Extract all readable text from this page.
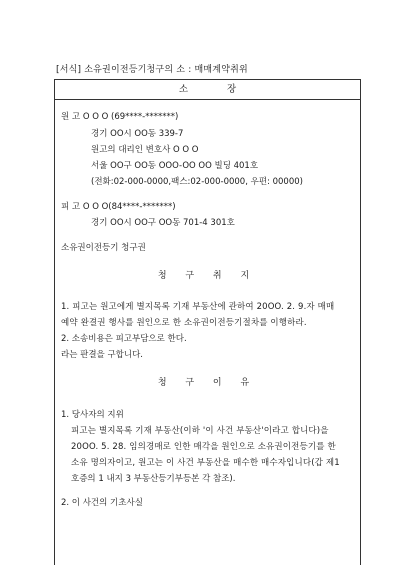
[서식] 소유권이전등기청구의 소 : 매매계약취위
소 장
원 고 O O O (69****-*******)
경기 OO시 OO동 339-7
원고의 대리인 변호사 O O O
서울 OO구 OO동 OOO-OO OO 빌딩 401호
(전화:02-000-0000,팩스:02-000-0000, 우편: 00000)
피 고 O O O(84****-*******)
경기 OO시 OO구 OO동 701-4 301호
소유권이전등기 청구권
청 구 취 지
1. 피고는 원고에게 별지목록 기재 부동산에 관하여 20OO. 2. 9.자 매매
예약 완결권 행사를 원인으로 한 소유권이전등기절차를 이행하라.
2. 소송비용은 피고부담으로 한다.
라는 판결을 구합니다.
청 구 이 유
1. 당사자의 지위
피고는 별지목록 기재 부동산(이하 '이 사건 부동산'이라고 합니다)을
20OO. 5. 28. 임의경매로 인한 매각을 원인으로 소유권이전등기를 한
소유 명의자이고, 원고는 이 사건 부동산을 매수한 매수자입니다(갑 제1
호증의 1 내지 3 부동산등기부등본 각 참조).
2. 이 사건의 기초사실
